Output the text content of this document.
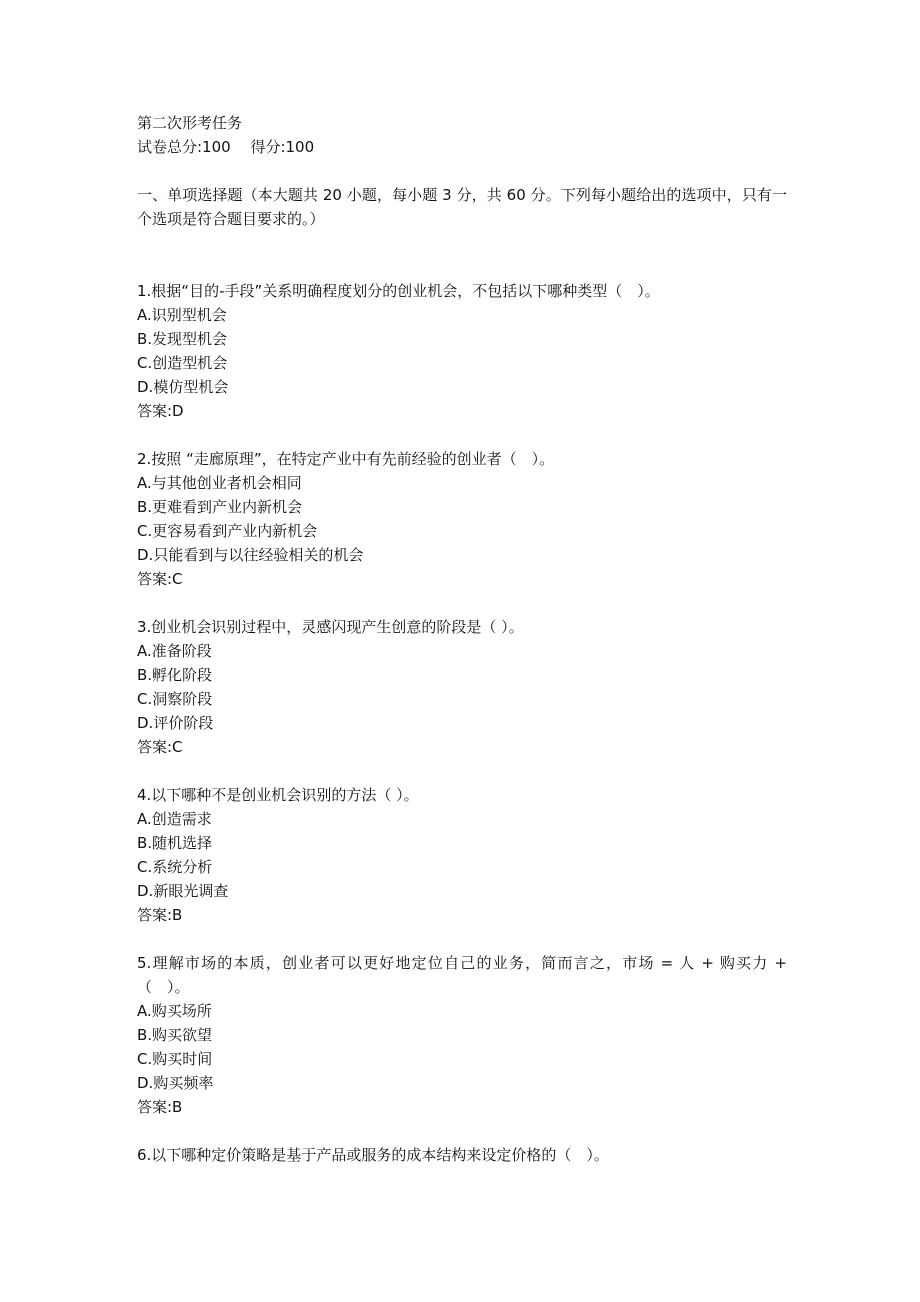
第二次形考任务
试卷总分:100　 得分:100
一、单项选择题（本大题共 20 小题，每小题 3 分，共 60 分。下列每小题给出的选项中，只有一个选项是符合题目要求的。）
1.根据“目的-手段”关系明确程度划分的创业机会，不包括以下哪种类型（　）。
A.识别型机会
B.发现型机会
C.创造型机会
D.模仿型机会
答案:D
2.按照 “走廊原理”，在特定产业中有先前经验的创业者（　）。
A.与其他创业者机会相同
B.更难看到产业内新机会
C.更容易看到产业内新机会
D.只能看到与以往经验相关的机会
答案:C
3.创业机会识别过程中，灵感闪现产生创意的阶段是（ ）。
A.准备阶段
B.孵化阶段
C.洞察阶段
D.评价阶段
答案:C
4.以下哪种不是创业机会识别的方法（ ）。
A.创造需求
B.随机选择
C.系统分析
D.新眼光调查
答案:B
5.理解市场的本质，创业者可以更好地定位自己的业务，简而言之，市场 = 人 + 购买力 +（　）。
A.购买场所
B.购买欲望
C.购买时间
D.购买频率
答案:B
6.以下哪种定价策略是基于产品或服务的成本结构来设定价格的（　）。
